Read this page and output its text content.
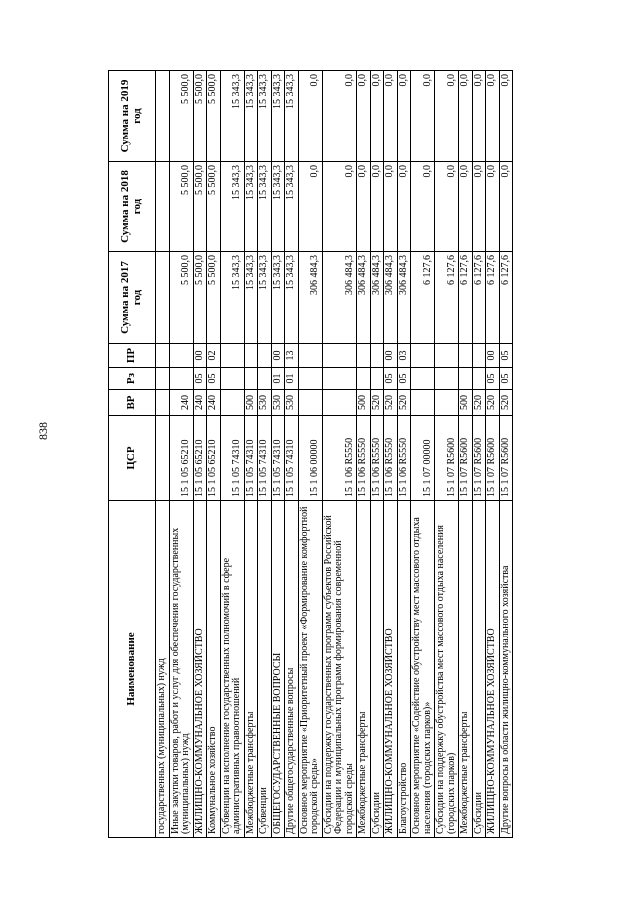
838
Наименование	ЦСР	ВР	Рз	ПР	Сумма на 2017 год	Сумма на 2018 год	Сумма на 2019 год
государственных (муниципальных) нужд							
Иные закупки товаров, работ и услуг для обеспечения государственных (муниципальных) нужд	15 1 05 65210	240			5 500,0	5 500,0	5 500,0
ЖИЛИЩНО-КОММУНАЛЬНОЕ ХОЗЯЙСТВО	15 1 05 65210	240	05	00	5 500,0	5 500,0	5 500,0
Коммунальное хозяйство	15 1 05 65210	240	05	02	5 500,0	5 500,0	5 500,0
Субвенции на исполнение государственных полномочий в сфере административных правоотношений	15 1 05 74310				15 343,3	15 343,3	15 343,3
Межбюджетные трансферты	15 1 05 74310	500			15 343,3	15 343,3	15 343,3
Субвенции	15 1 05 74310	530			15 343,3	15 343,3	15 343,3
ОБЩЕГОСУДАРСТВЕННЫЕ ВОПРОСЫ	15 1 05 74310	530	01	00	15 343,3	15 343,3	15 343,3
Другие общегосударственные вопросы	15 1 05 74310	530	01	13	15 343,3	15 343,3	15 343,3
Основное мероприятие «Приоритетный проект «Формирование комфортной городской среды»	15 1 06 00000				306 484,3	0,0	0,0
Субсидии на поддержку государственных программ субъектов Российской Федерации и муниципальных программ формирования современной городской среды	15 1 06 R5550				306 484,3	0,0	0,0
Межбюджетные трансферты	15 1 06 R5550	500			306 484,3	0,0	0,0
Субсидии	15 1 06 R5550	520			306 484,3	0,0	0,0
ЖИЛИЩНО-КОММУНАЛЬНОЕ ХОЗЯЙСТВО	15 1 06 R5550	520	05	00	306 484,3	0,0	0,0
Благоустройство	15 1 06 R5550	520	05	03	306 484,3	0,0	0,0
Основное мероприятие «Содействие обустройству мест массового отдыха населения (городских парков)»	15 1 07 00000				6 127,6	0,0	0,0
Субсидии на поддержку обустройства мест массового отдыха населения (городских парков)	15 1 07 R5600				6 127,6	0,0	0,0
Межбюджетные трансферты	15 1 07 R5600	500			6 127,6	0,0	0,0
Субсидии	15 1 07 R5600	520			6 127,6	0,0	0,0
ЖИЛИЩНО-КОММУНАЛЬНОЕ ХОЗЯЙСТВО	15 1 07 R5600	520	05	00	6 127,6	0,0	0,0
Другие вопросы в области жилищно-коммунального хозяйства	15 1 07 R5600	520	05	05	6 127,6	0,0	0,0
